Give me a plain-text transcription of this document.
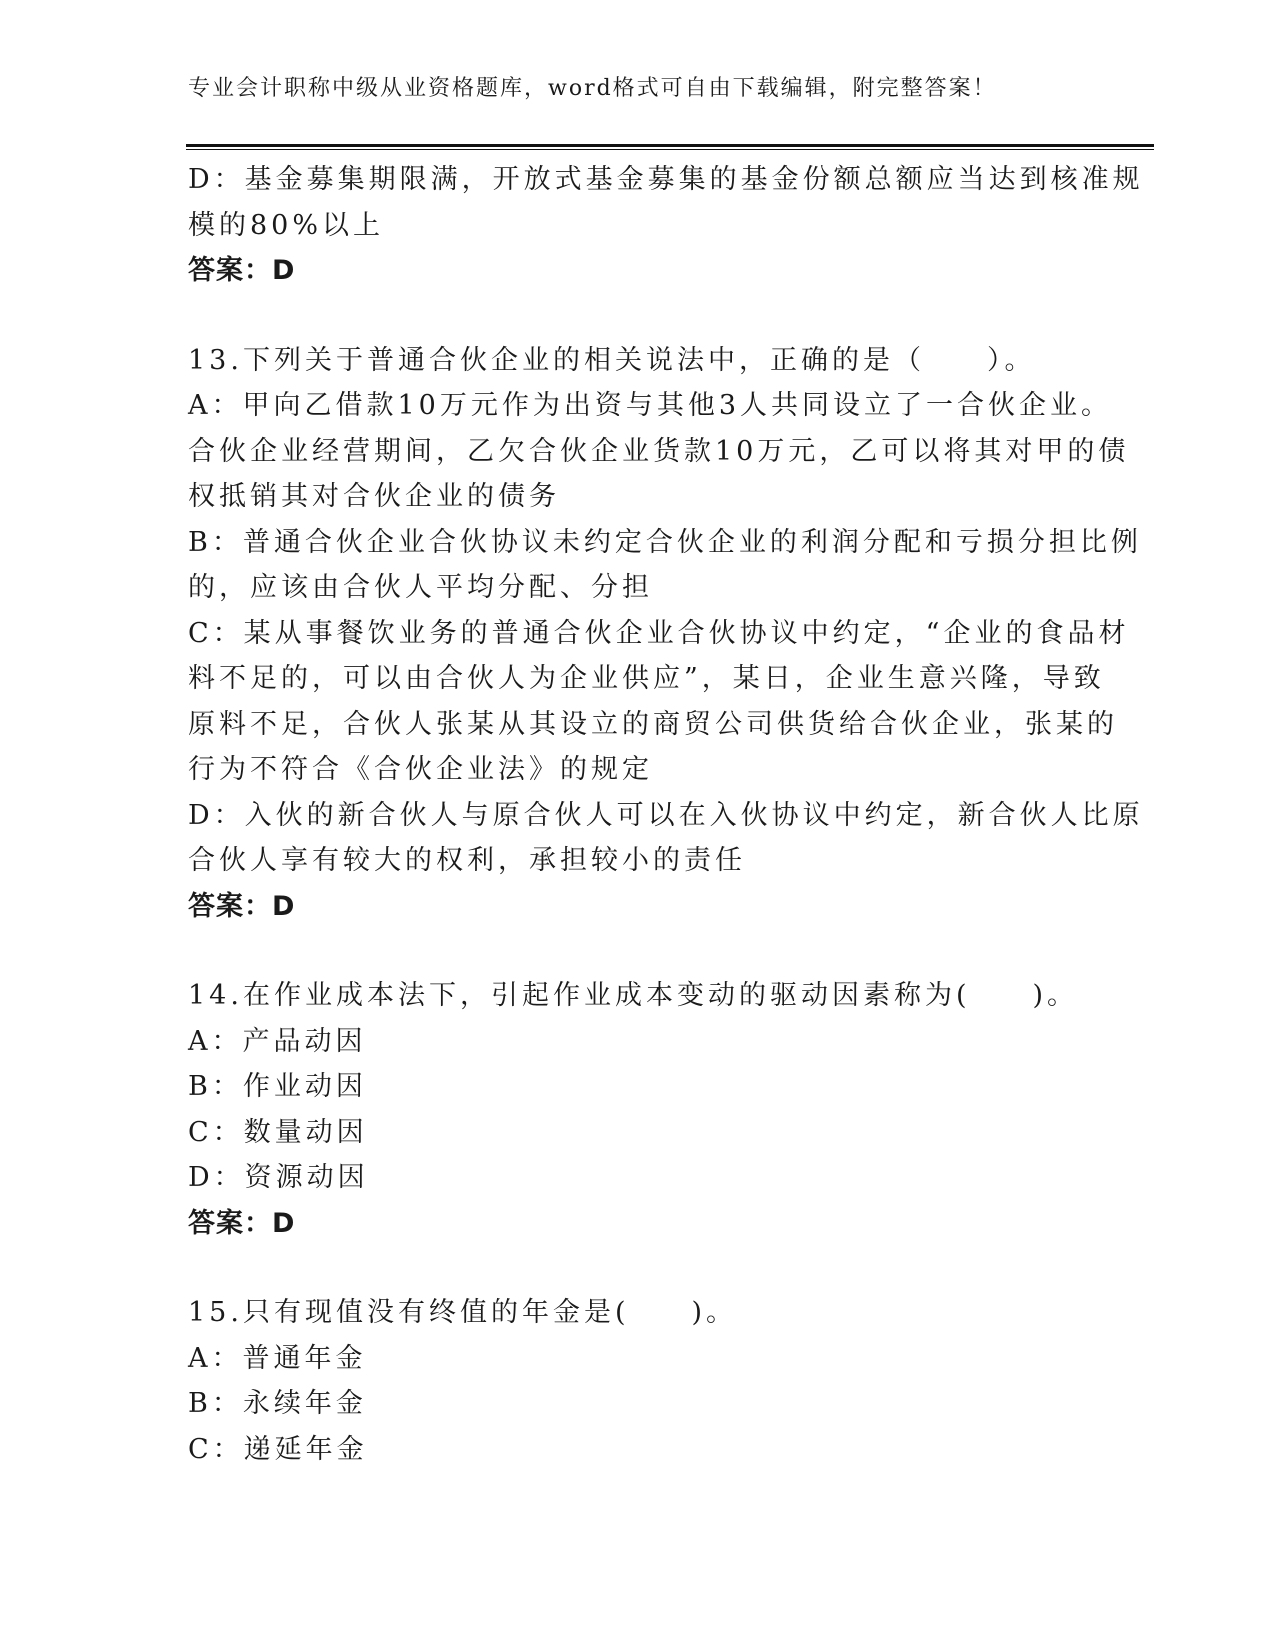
专业会计职称中级从业资格题库，word格式可自由下载编辑，附完整答案！
D：基金募集期限满，开放式基金募集的基金份额总额应当达到核准规
模的80%以上
答案：D
13.下列关于普通合伙企业的相关说法中，正确的是（　　）。
A：甲向乙借款10万元作为出资与其他3人共同设立了一合伙企业。
合伙企业经营期间，乙欠合伙企业货款10万元，乙可以将其对甲的债
权抵销其对合伙企业的债务
B：普通合伙企业合伙协议未约定合伙企业的利润分配和亏损分担比例
的，应该由合伙人平均分配、分担
C：某从事餐饮业务的普通合伙企业合伙协议中约定，“企业的食品材
料不足的，可以由合伙人为企业供应”，某日，企业生意兴隆，导致
原料不足，合伙人张某从其设立的商贸公司供货给合伙企业，张某的
行为不符合《合伙企业法》的规定
D：入伙的新合伙人与原合伙人可以在入伙协议中约定，新合伙人比原
合伙人享有较大的权利，承担较小的责任
答案：D
14.在作业成本法下，引起作业成本变动的驱动因素称为(　　)。
A：产品动因
B：作业动因
C：数量动因
D：资源动因
答案：D
15.只有现值没有终值的年金是(　　)。
A：普通年金
B：永续年金
C：递延年金
